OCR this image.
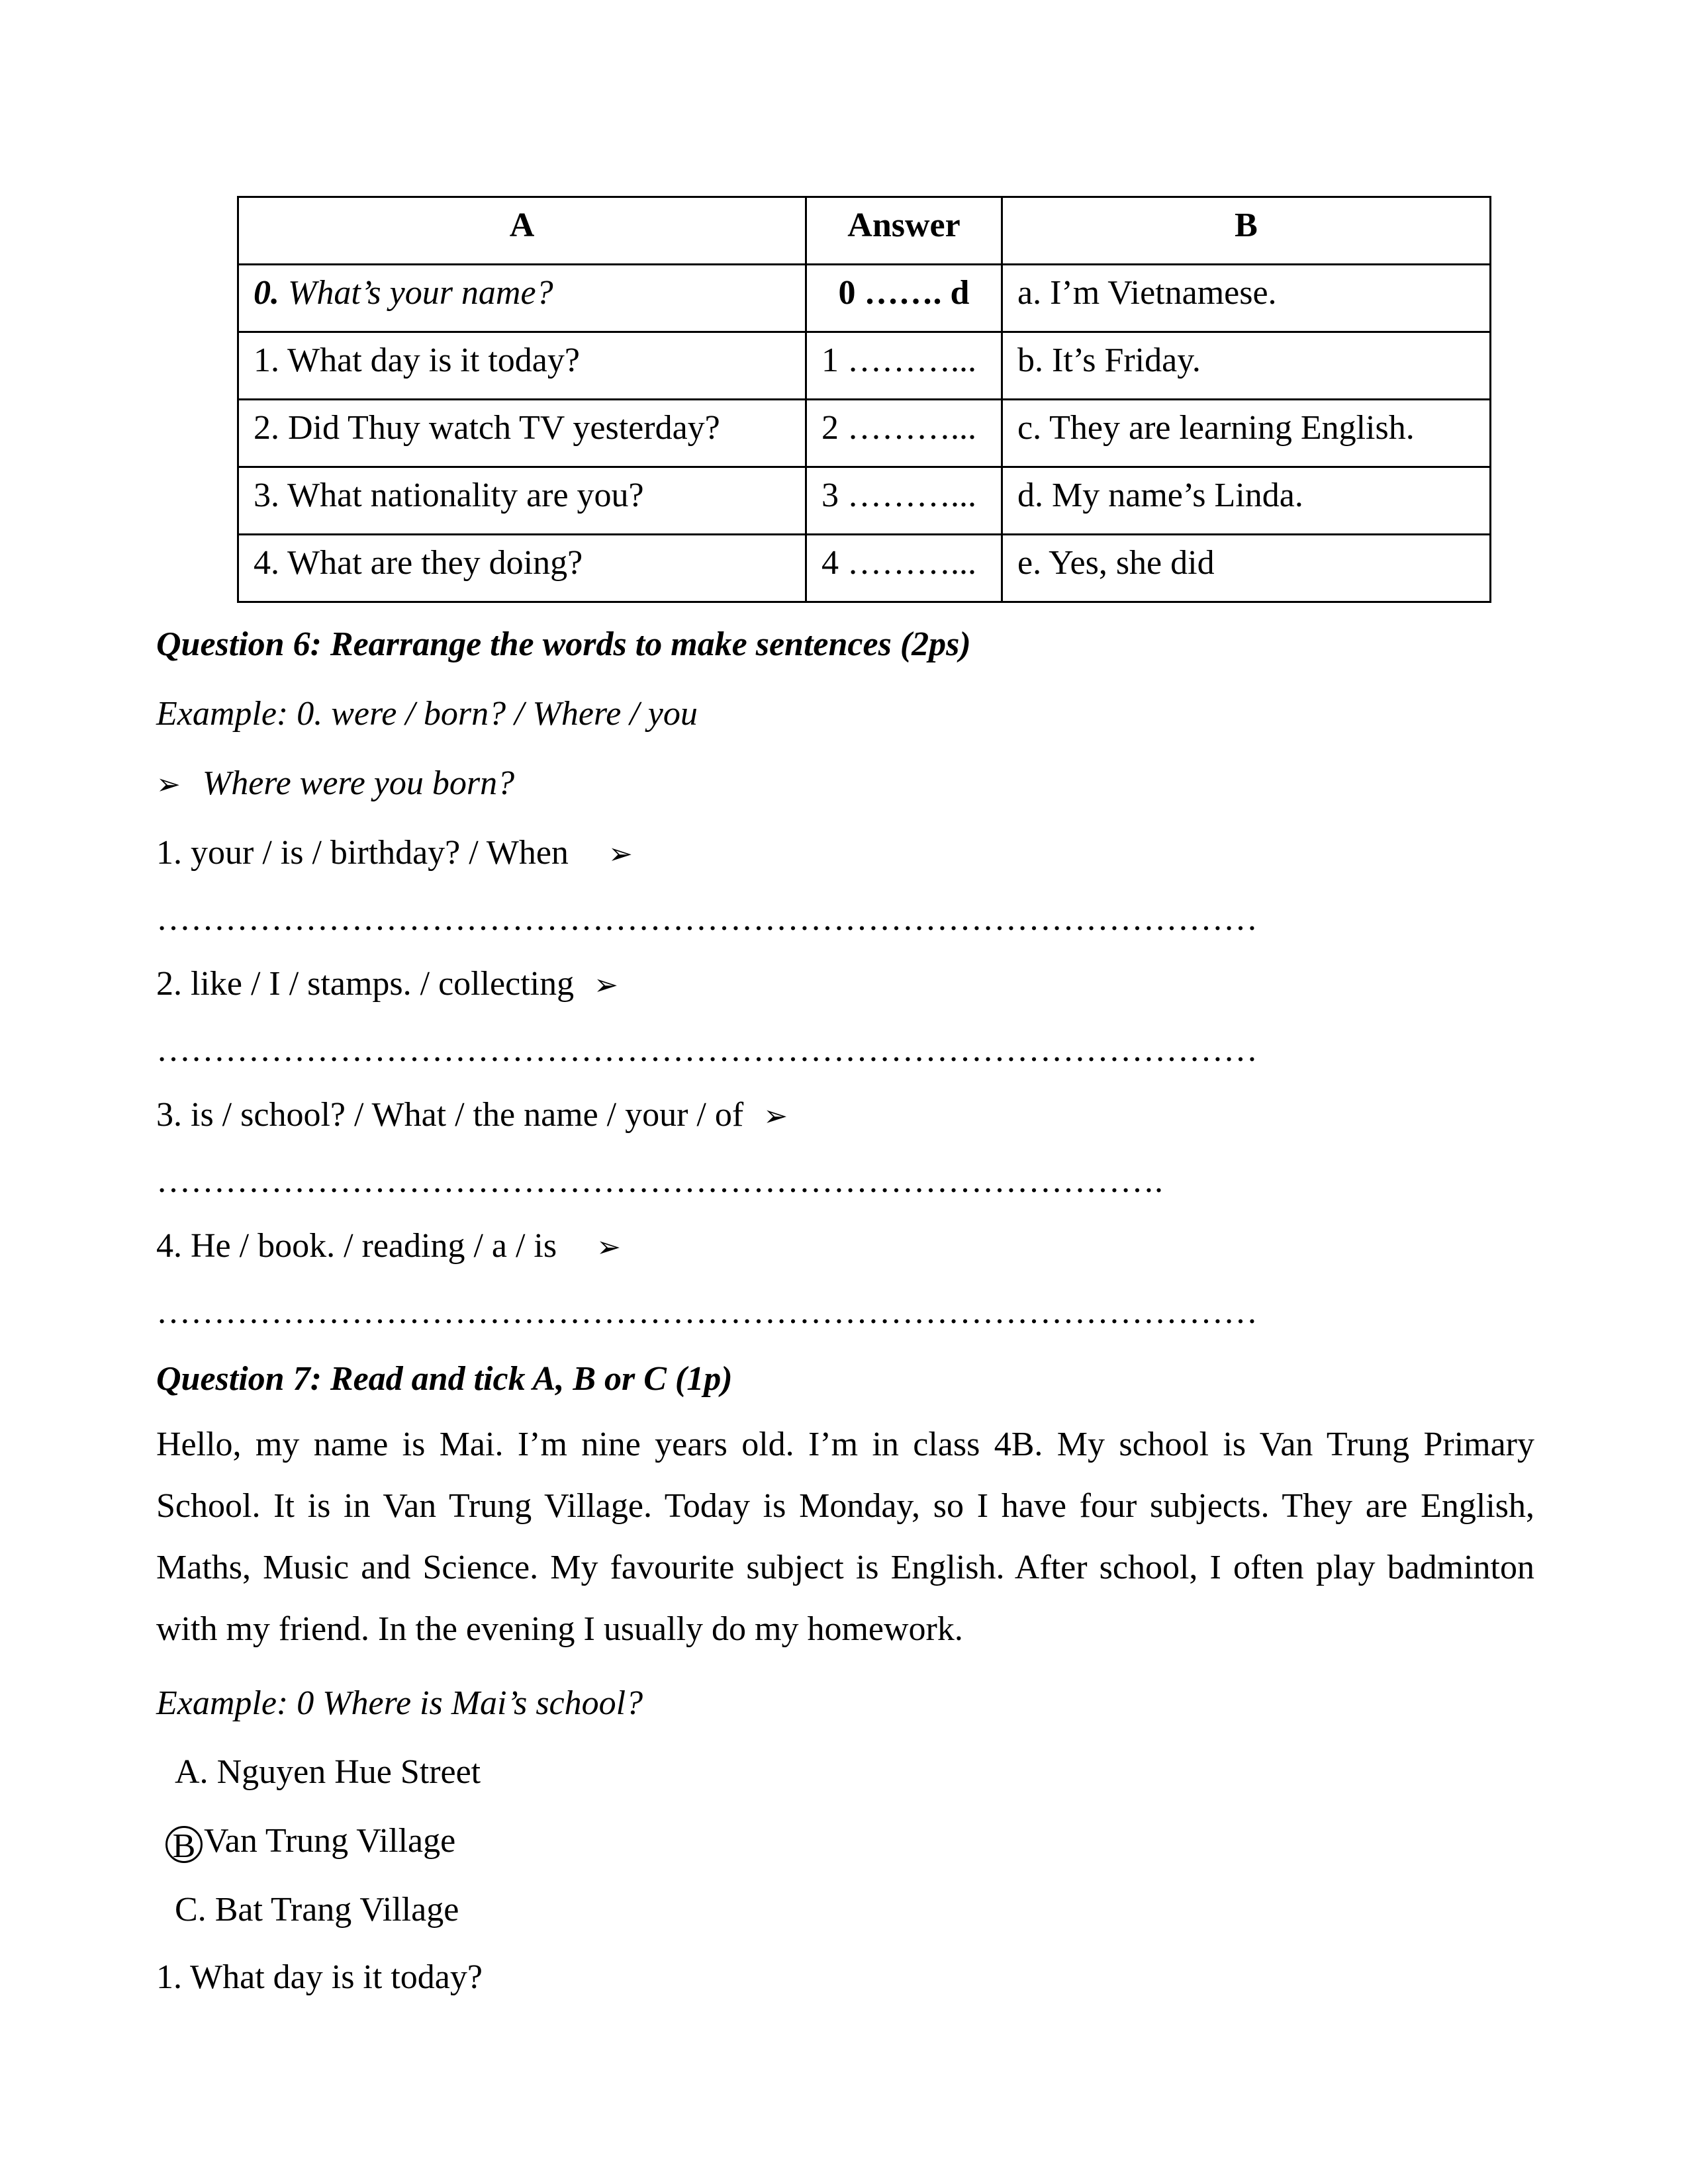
A	Answer	B
0. What’s your name?	0 ……. d	a. I’m Vietnamese.
1. What day is it today?	1 ………...	b. It’s Friday.
2. Did Thuy watch TV yesterday?	2 ………...	c. They are learning English.
3. What nationality are you?	3 ………...	d. My name’s Linda.
4. What are they doing?	4 ………...	e. Yes, she did
Question 6: Rearrange the words to make sentences (2ps)
Example: 0. were / born? / Where / you
➢ Where were you born?
1. your / is / birthday? / When ➢
……………………………………………………………………………………
2. like / I / stamps. / collecting ➢
……………………………………………………………………………………
3. is / school? / What / the name / your / of ➢
…………………………………………………………………………….
4. He / book. / reading / a / is ➢
……………………………………………………………………………………
Question 7: Read and tick A, B or C (1p)
Hello, my name is Mai. I’m nine years old. I’m in class 4B. My school is Van Trung Primary School. It is in Van Trung Village. Today is Monday, so I have four subjects. They are English, Maths, Music and Science. My favourite subject is English. After school, I often play badminton with my friend. In the evening I usually do my homework.
Example: 0 Where is Mai’s school?
A. Nguyen Hue Street
B Van Trung Village
C. Bat Trang Village
1. What day is it today?
